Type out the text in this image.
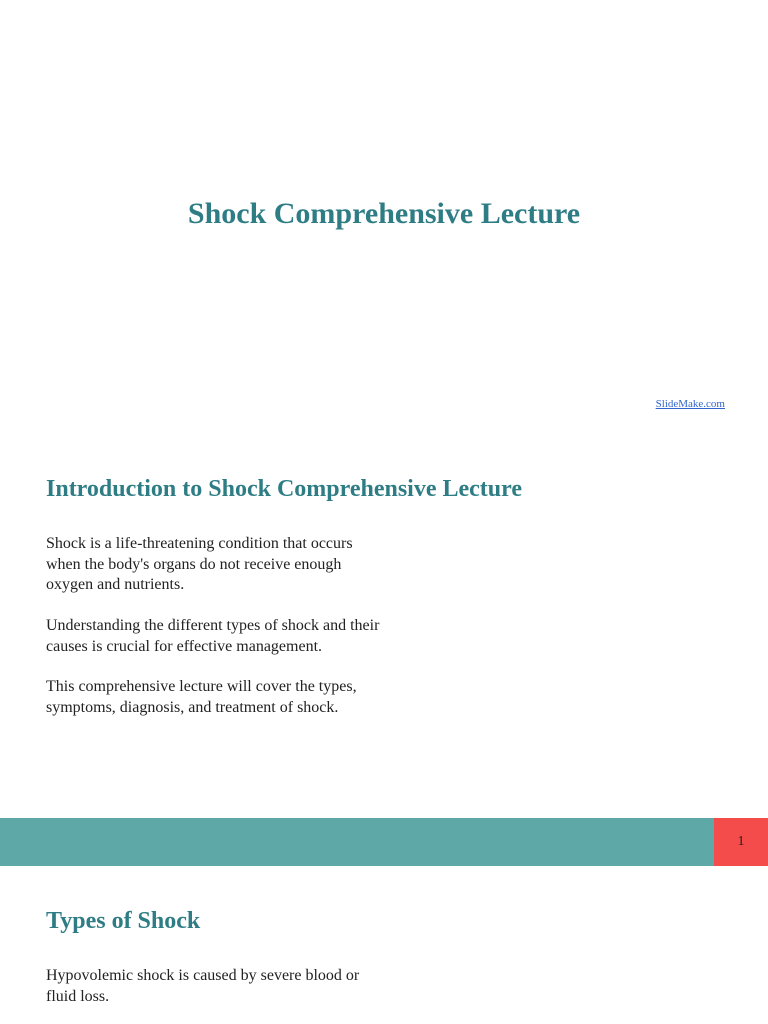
Shock Comprehensive Lecture
SlideMake.com
Introduction to Shock Comprehensive Lecture

Shock is a life-threatening condition that occurs when the body's organs do not receive enough oxygen and nutrients.

Understanding the different types of shock and their causes is crucial for effective management.

This comprehensive lecture will cover the types, symptoms, diagnosis, and treatment of shock.

1
Types of Shock

Hypovolemic shock is caused by severe blood or fluid loss.
